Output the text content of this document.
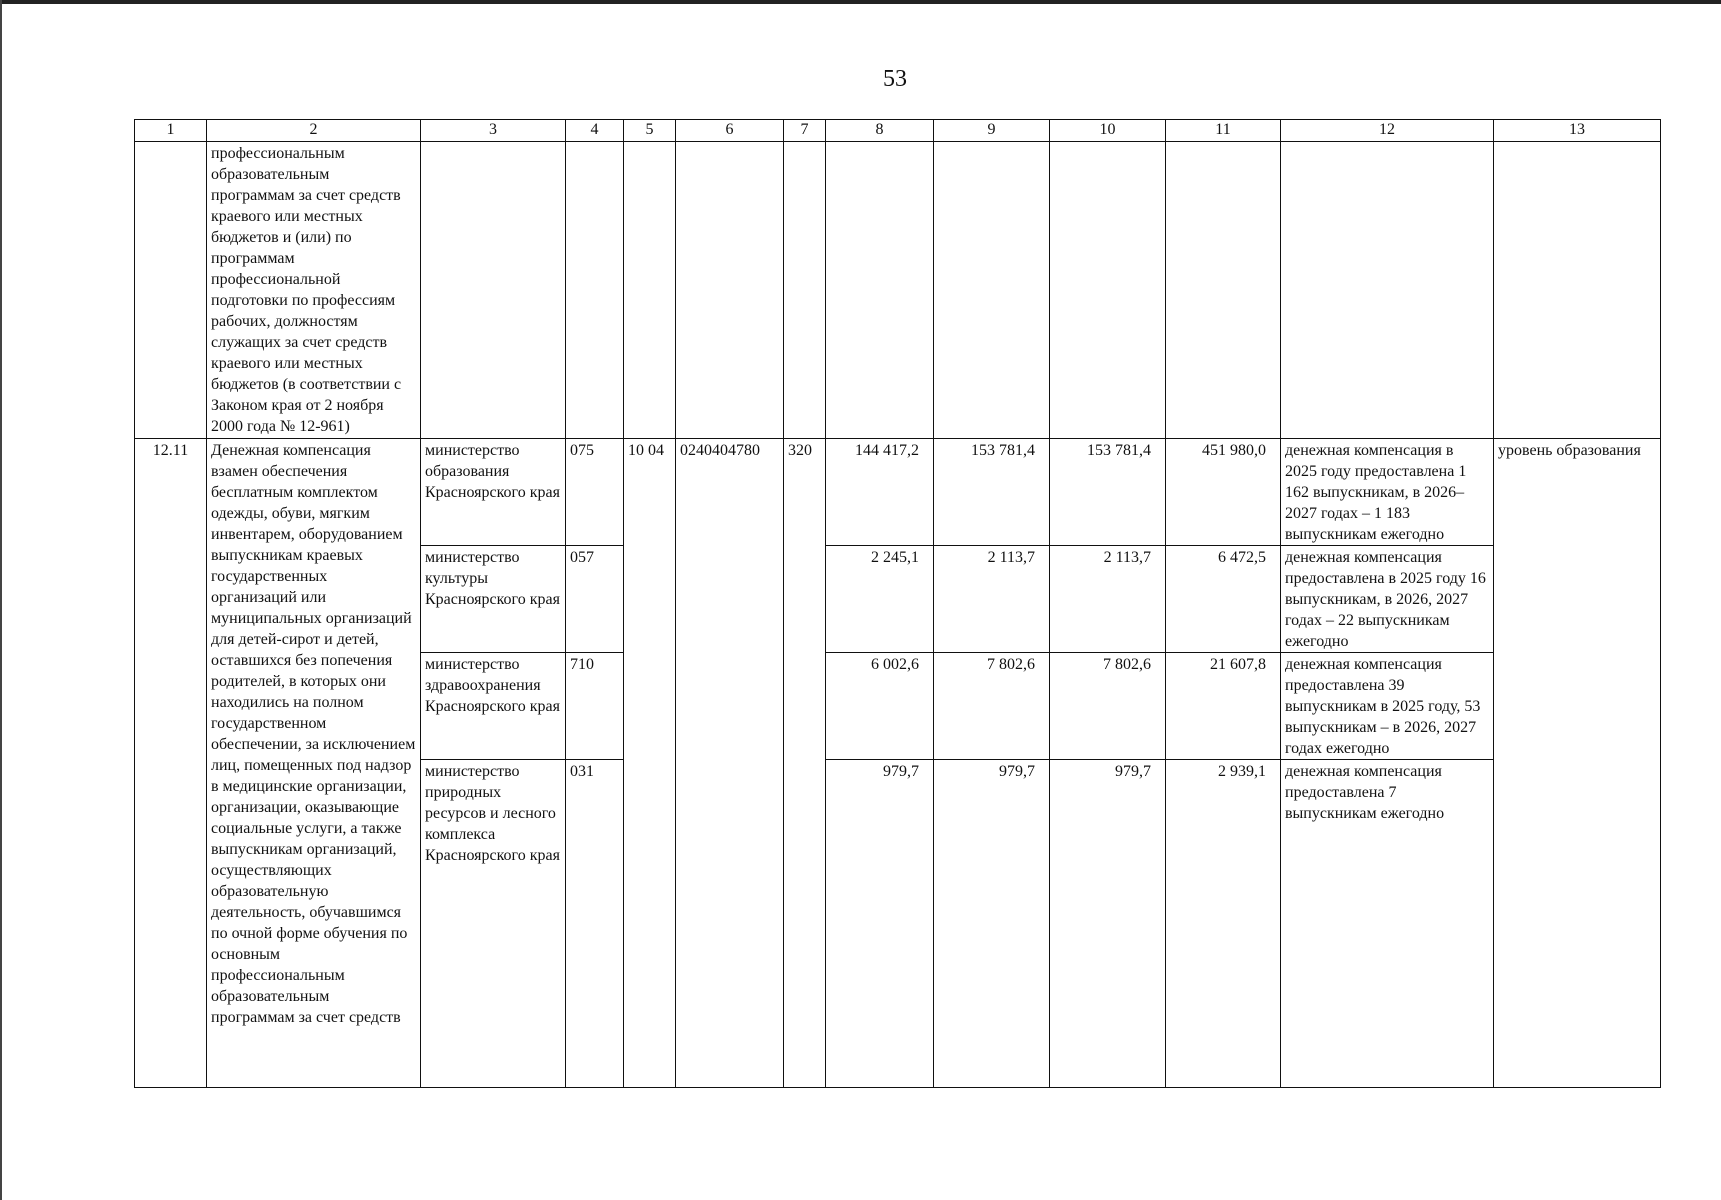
53
1	2	3	4	5	6	7	8	9	10	11	12	13
	профессиональным образовательным программам за счет средств краевого или местных бюджетов и (или) по программам профессиональной подготовки по профессиям рабочих, должностям служащих за счет средств краевого или местных бюджетов (в соответствии с Законом края от 2 ноября 2000 года № 12-961)											
12.11	Денежная компенсация взамен обеспечения бесплатным комплектом одежды, обуви, мягким инвентарем, оборудованием выпускникам краевых государственных организаций или муниципальных организаций для детей-сирот и детей, оставшихся без попечения родителей, в которых они находились на полном государственном обеспечении, за исключением лиц, помещенных под надзор в медицинские организации, организации, оказывающие социальные услуги, а также выпускникам организаций, осуществляющих образовательную деятельность, обучавшимся по очной форме обучения по основным профессиональным образовательным программам за счет средств	министерство образования Красноярского края	075	10 04	0240404780	320	144 417,2	153 781,4	153 781,4	451 980,0	денежная компенсация в 2025 году предоставлена 1 162 выпускникам, в 2026–2027 годах – 1 183 выпускникам ежегодно	уровень образования
		министерство культуры Красноярского края	057				2 245,1	2 113,7	2 113,7	6 472,5	денежная компенсация предоставлена в 2025 году 16 выпускникам, в 2026, 2027 годах – 22 выпускникам ежегодно	
		министерство здравоохранения Красноярского края	710				6 002,6	7 802,6	7 802,6	21 607,8	денежная компенсация предоставлена 39 выпускникам в 2025 году, 53 выпускникам – в 2026, 2027 годах ежегодно	
		министерство природных ресурсов и лесного комплекса Красноярского края	031				979,7	979,7	979,7	2 939,1	денежная компенсация предоставлена 7 выпускникам ежегодно	
